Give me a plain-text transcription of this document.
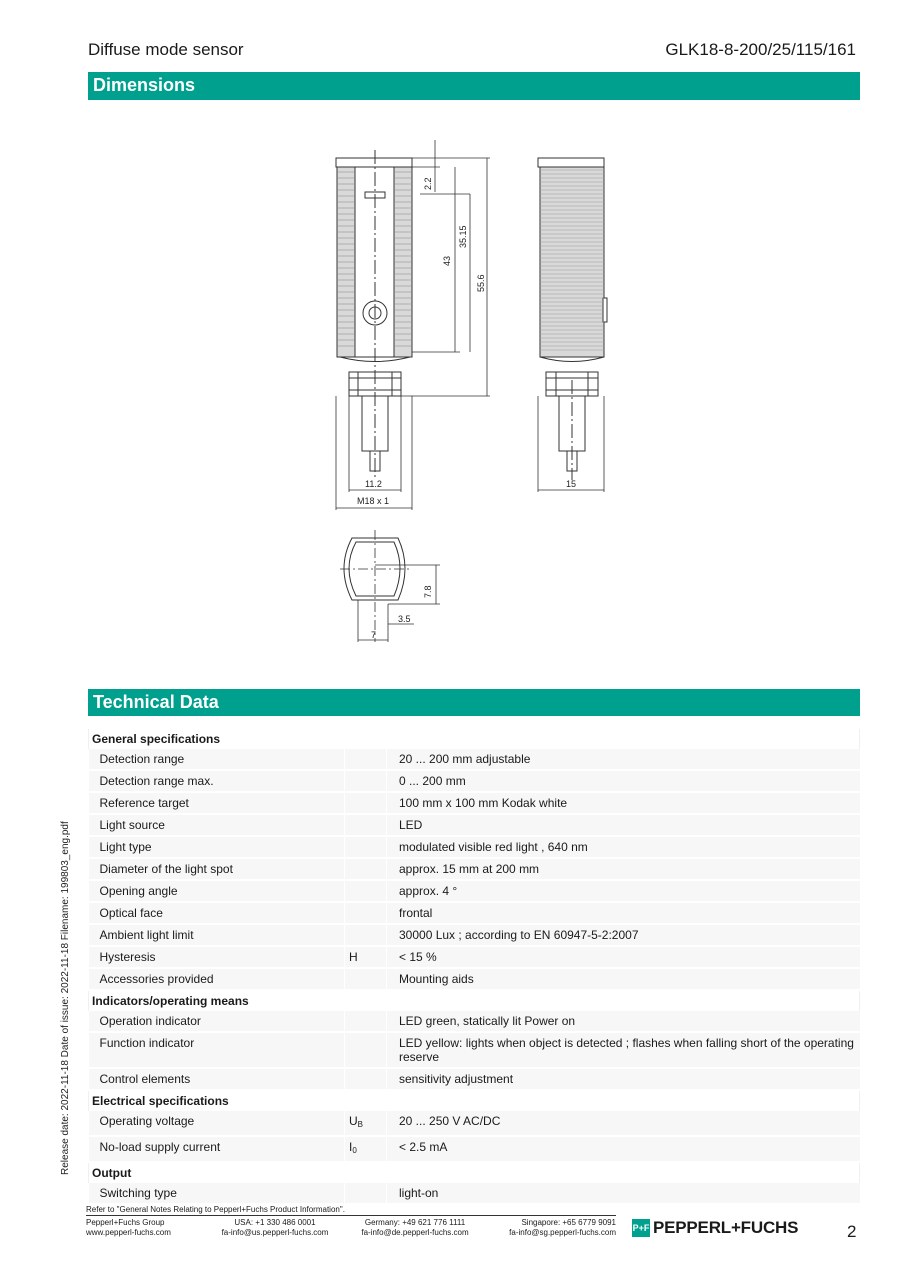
Diffuse mode sensor	GLK18-8-200/25/115/161
Dimensions
2.2
35.15
43
55.6
11.2
M18 x 1
15
7.8
3.5
7
Release date: 2022-11-18 Date of issue: 2022-11-18 Filename: 199803_eng.pdf
Technical Data
General specifications		
Detection range		20 ... 200 mm adjustable
Detection range max.		0 ... 200 mm
Reference target		100 mm x 100 mm Kodak white
Light source		LED
Light type		modulated visible red light , 640 nm
Diameter of the light spot		approx. 15 mm at 200 mm
Opening angle		approx. 4 °
Optical face		frontal
Ambient light limit		30000 Lux ; according to EN 60947-5-2:2007
Hysteresis	H	< 15 %
Accessories provided		Mounting aids
Indicators/operating means		
Operation indicator		LED green, statically lit Power on
Function indicator		LED yellow: lights when object is detected ; flashes when falling short of the operating reserve
Control elements		sensitivity adjustment
Electrical specifications		
Operating voltage	$U_B$	20 ... 250 V AC/DC
No-load supply current	$I_0$	< 2.5 mA
Output		
Switching type		light-on
Refer to "General Notes Relating to Pepperl+Fuchs Product Information".
Pepperl+Fuchs Group
www.pepperl-fuchs.com
USA: +1 330 486 0001
fa-info@us.pepperl-fuchs.com
Germany: +49 621 776 1111
fa-info@de.pepperl-fuchs.com
Singapore: +65 6779 9091
fa-info@sg.pepperl-fuchs.com P+F PEPPERL+FUCHS	2
